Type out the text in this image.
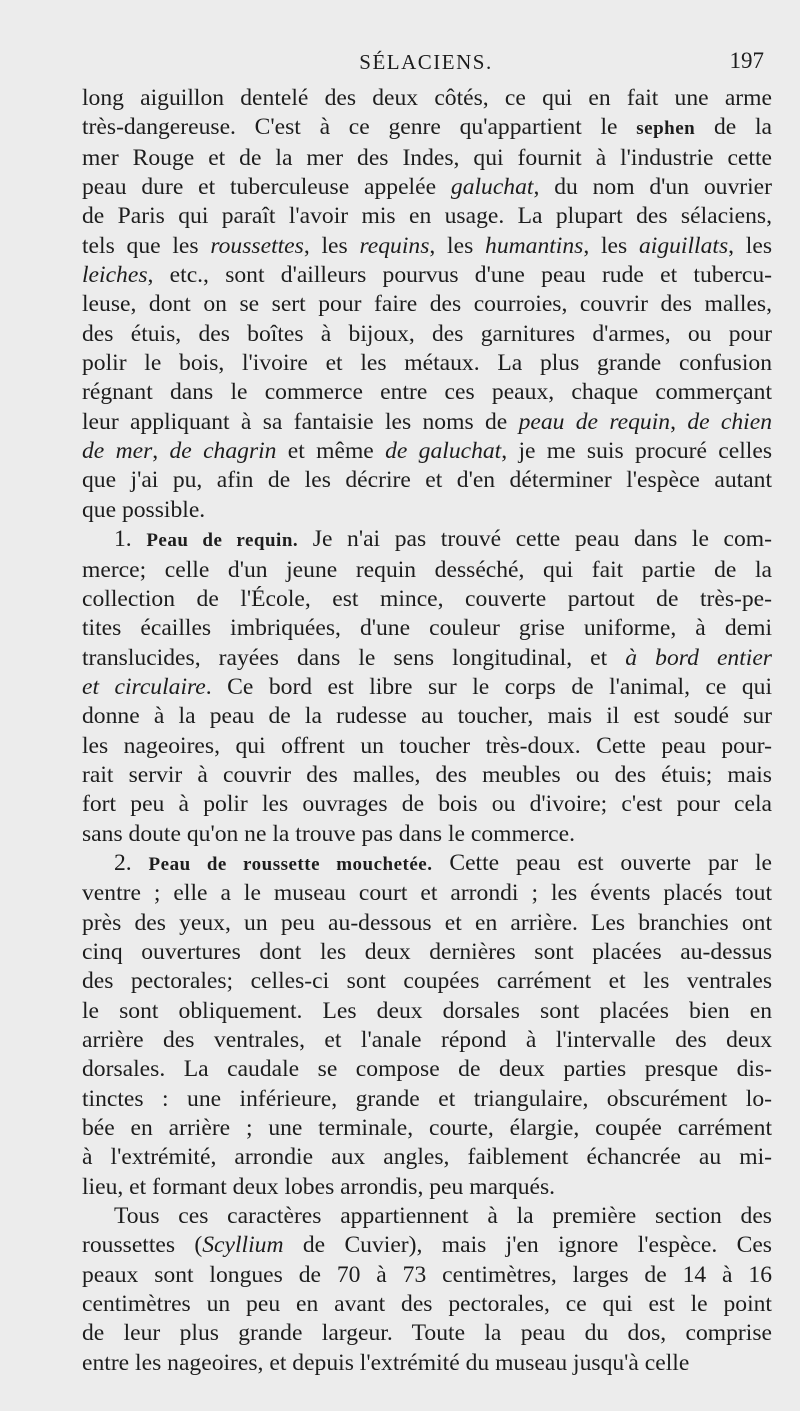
SÉLACIENS.	197

long aiguillon dentelé des deux côtés, ce qui en fait une arme
très-dangereuse. C'est à ce genre qu'appartient le sephen de la
mer Rouge et de la mer des Indes, qui fournit à l'industrie cette
peau dure et tuberculeuse appelée galuchat, du nom d'un ouvrier
de Paris qui paraît l'avoir mis en usage. La plupart des sélaciens,
tels que les roussettes, les requins, les humantins, les aiguillats, les
leiches, etc., sont d'ailleurs pourvus d'une peau rude et tubercu-
leuse, dont on se sert pour faire des courroies, couvrir des malles,
des étuis, des boîtes à bijoux, des garnitures d'armes, ou pour
polir le bois, l'ivoire et les métaux. La plus grande confusion
régnant dans le commerce entre ces peaux, chaque commerçant
leur appliquant à sa fantaisie les noms de peau de requin, de chien
de mer, de chagrin et même de galuchat, je me suis procuré celles
que j'ai pu, afin de les décrire et d'en déterminer l'espèce autant
que possible.

1. Peau de requin. Je n'ai pas trouvé cette peau dans le com-
merce; celle d'un jeune requin desséché, qui fait partie de la
collection de l'École, est mince, couverte partout de très-pe-
tites écailles imbriquées, d'une couleur grise uniforme, à demi
translucides, rayées dans le sens longitudinal, et à bord entier
et circulaire. Ce bord est libre sur le corps de l'animal, ce qui
donne à la peau de la rudesse au toucher, mais il est soudé sur
les nageoires, qui offrent un toucher très-doux. Cette peau pour-
rait servir à couvrir des malles, des meubles ou des étuis; mais
fort peu à polir les ouvrages de bois ou d'ivoire; c'est pour cela
sans doute qu'on ne la trouve pas dans le commerce.

2. Peau de roussette mouchetée. Cette peau est ouverte par le
ventre ; elle a le museau court et arrondi ; les évents placés tout
près des yeux, un peu au-dessous et en arrière. Les branchies ont
cinq ouvertures dont les deux dernières sont placées au-dessus
des pectorales; celles-ci sont coupées carrément et les ventrales
le sont obliquement. Les deux dorsales sont placées bien en
arrière des ventrales, et l'anale répond à l'intervalle des deux
dorsales. La caudale se compose de deux parties presque dis-
tinctes : une inférieure, grande et triangulaire, obscurément lo-
bée en arrière ; une terminale, courte, élargie, coupée carrément
à l'extrémité, arrondie aux angles, faiblement échancrée au mi-
lieu, et formant deux lobes arrondis, peu marqués.

Tous ces caractères appartiennent à la première section des
roussettes (Scyllium de Cuvier), mais j'en ignore l'espèce. Ces
peaux sont longues de 70 à 73 centimètres, larges de 14 à 16
centimètres un peu en avant des pectorales, ce qui est le point
de leur plus grande largeur. Toute la peau du dos, comprise
entre les nageoires, et depuis l'extrémité du museau jusqu'à celle
